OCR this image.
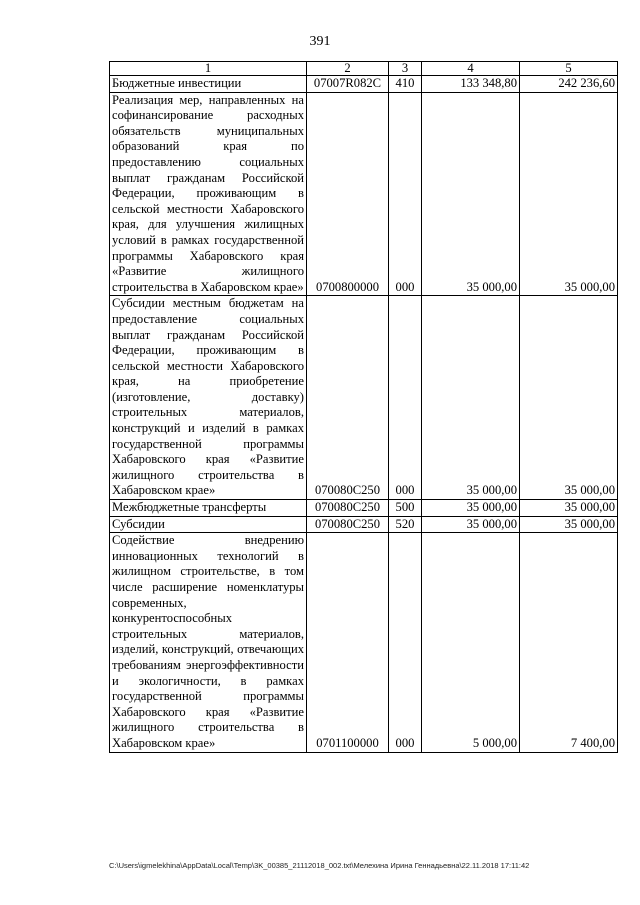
391
1	2	3	4	5
Бюджетные инвестиции	07007R082C	410	133 348,80	242 236,60
Реализация мер, направленных на софинансирование расходных обязательств муниципальных образований края по предоставлению социальных выплат гражданам Российской Федерации, проживающим в сельской местности Хабаровского края, для улучшения жилищных условий в рамках государственной программы Хабаровского края «Развитие жилищного строительства в Хабаровском крае»	0700800000	000	35 000,00	35 000,00
Субсидии местным бюджетам на предоставление социальных выплат гражданам Российской Федерации, проживающим в сельской местности Хабаровского края, на приобретение (изготовление, доставку) строительных материалов, конструкций и изделий в рамках государственной программы Хабаровского края «Развитие жилищного строительства в Хабаровском крае»	070080С250	000	35 000,00	35 000,00
Межбюджетные трансферты	070080С250	500	35 000,00	35 000,00
Субсидии	070080С250	520	35 000,00	35 000,00
Содействие внедрению инновационных технологий в жилищном строительстве, в том числе расширение номенклатуры современных, конкурентоспособных строительных материалов, изделий, конструкций, отвечающих требованиям энергоэффективности и экологичности, в рамках государственной программы Хабаровского края «Развитие жилищного строительства в Хабаровском крае»	0701100000	000	5 000,00	7 400,00
C:\Users\igmelekhina\AppData\Local\Temp\3K_00385_21112018_002.txt\Мелехина Ирина Геннадьевна\22.11.2018 17:11:42
